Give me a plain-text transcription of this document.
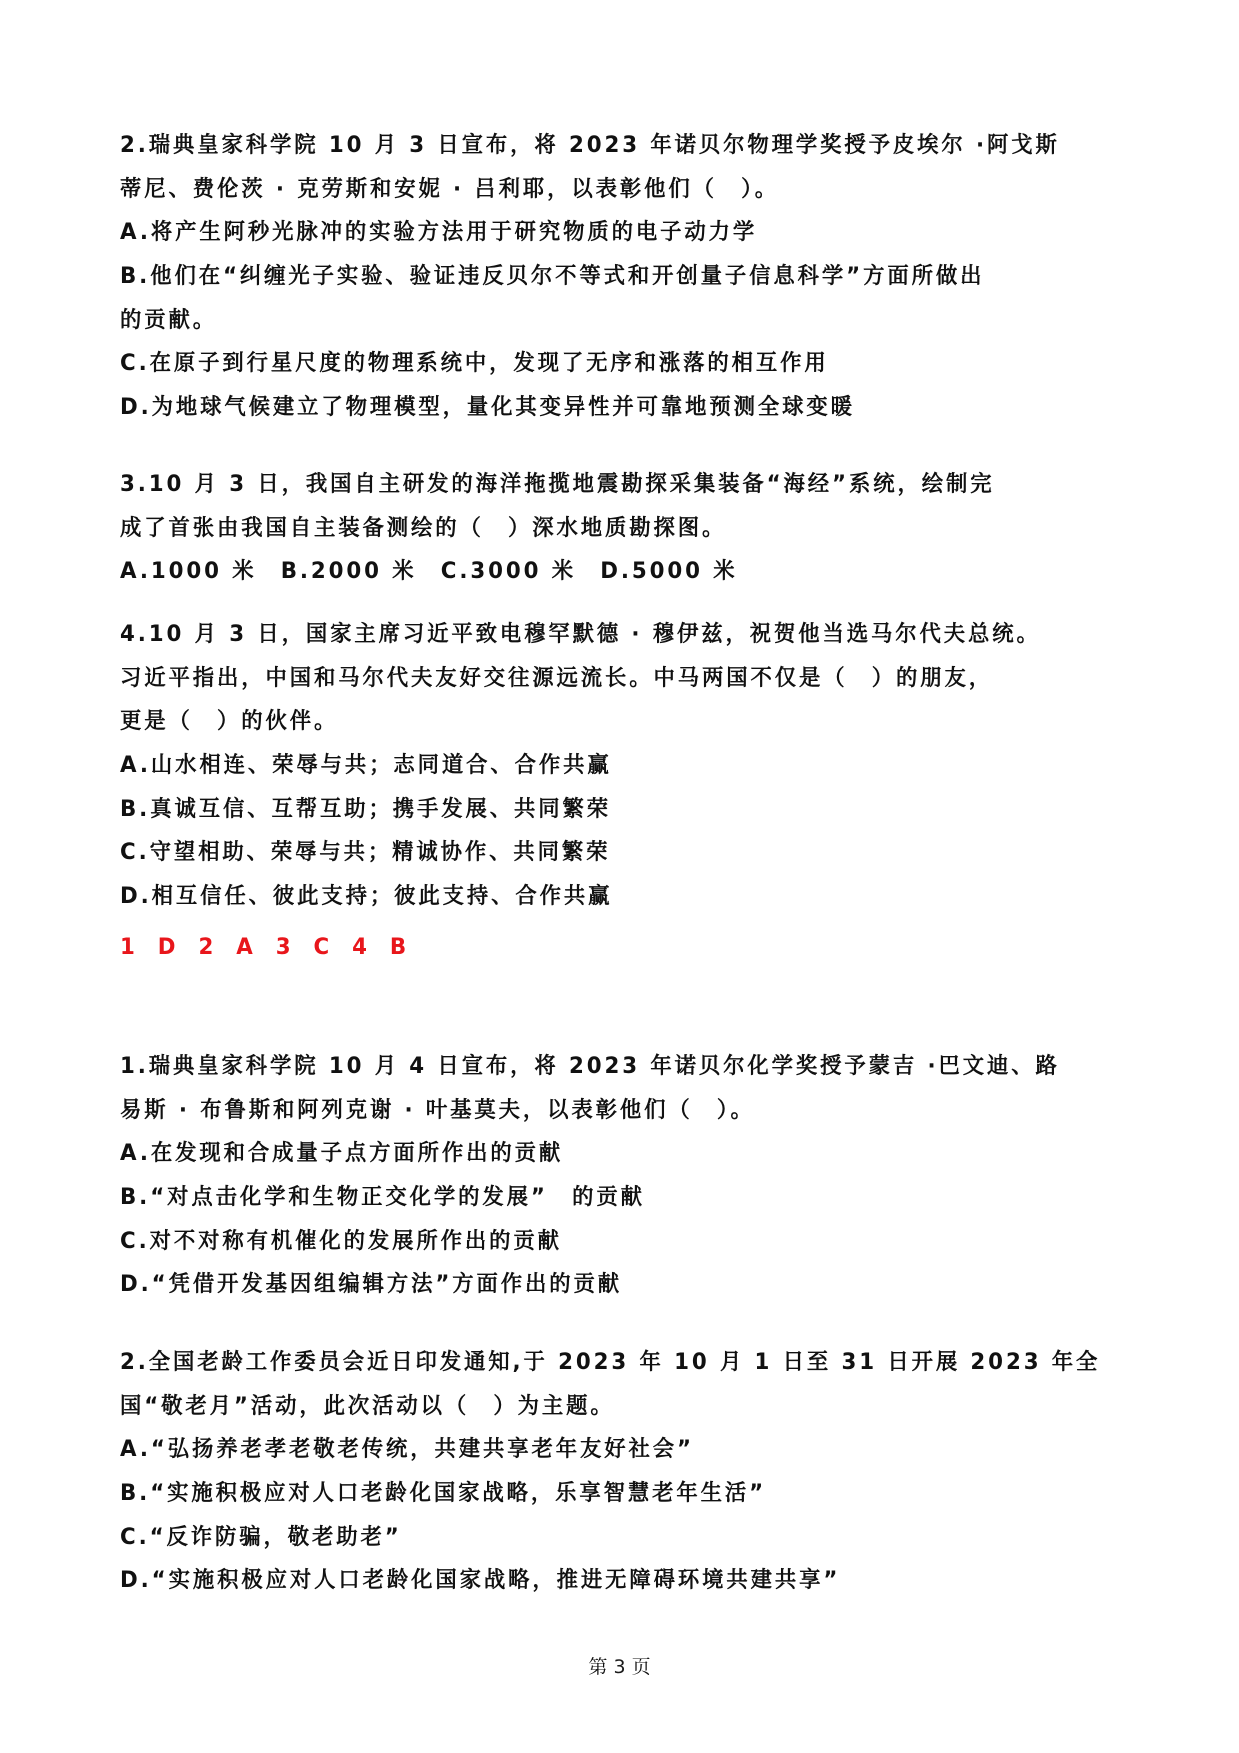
2.瑞典皇家科学院 10 月 3 日宣布，将 2023 年诺贝尔物理学奖授予皮埃尔 ·阿戈斯
蒂尼、费伦茨 · 克劳斯和安妮 · 吕利耶，以表彰他们（　）。
A.将产生阿秒光脉冲的实验方法用于研究物质的电子动力学
B.他们在“纠缠光子实验、验证违反贝尔不等式和开创量子信息科学”方面所做出
的贡献。
C.在原子到行星尺度的物理系统中，发现了无序和涨落的相互作用
D.为地球气候建立了物理模型，量化其变异性并可靠地预测全球变暖
3.10 月 3 日，我国自主研发的海洋拖揽地震勘探采集装备“海经”系统，绘制完
成了首张由我国自主装备测绘的（　）深水地质勘探图。
A.1000 米　B.2000 米　C.3000 米　D.5000 米
4.10 月 3 日，国家主席习近平致电穆罕默德 · 穆伊兹，祝贺他当选马尔代夫总统。
习近平指出，中国和马尔代夫友好交往源远流长。中马两国不仅是（　）的朋友，
更是（　）的伙伴。
A.山水相连、荣辱与共；志同道合、合作共赢
B.真诚互信、互帮互助；携手发展、共同繁荣
C.守望相助、荣辱与共；精诚协作、共同繁荣
D.相互信任、彼此支持；彼此支持、合作共赢
1 D 2 A 3 C 4 B
1.瑞典皇家科学院 10 月 4 日宣布，将 2023 年诺贝尔化学奖授予蒙吉 ·巴文迪、路
易斯 · 布鲁斯和阿列克谢 · 叶基莫夫，以表彰他们（　）。
A.在发现和合成量子点方面所作出的贡献
B.“对点击化学和生物正交化学的发展”　的贡献
C.对不对称有机催化的发展所作出的贡献
D.“凭借开发基因组编辑方法”方面作出的贡献
2.全国老龄工作委员会近日印发通知,于 2023 年 10 月 1 日至 31 日开展 2023 年全
国“敬老月”活动，此次活动以（　）为主题。
A.“弘扬养老孝老敬老传统，共建共享老年友好社会”
B.“实施积极应对人口老龄化国家战略，乐享智慧老年生活”
C.“反诈防骗，敬老助老”
D.“实施积极应对人口老龄化国家战略，推进无障碍环境共建共享”
第 3 页
